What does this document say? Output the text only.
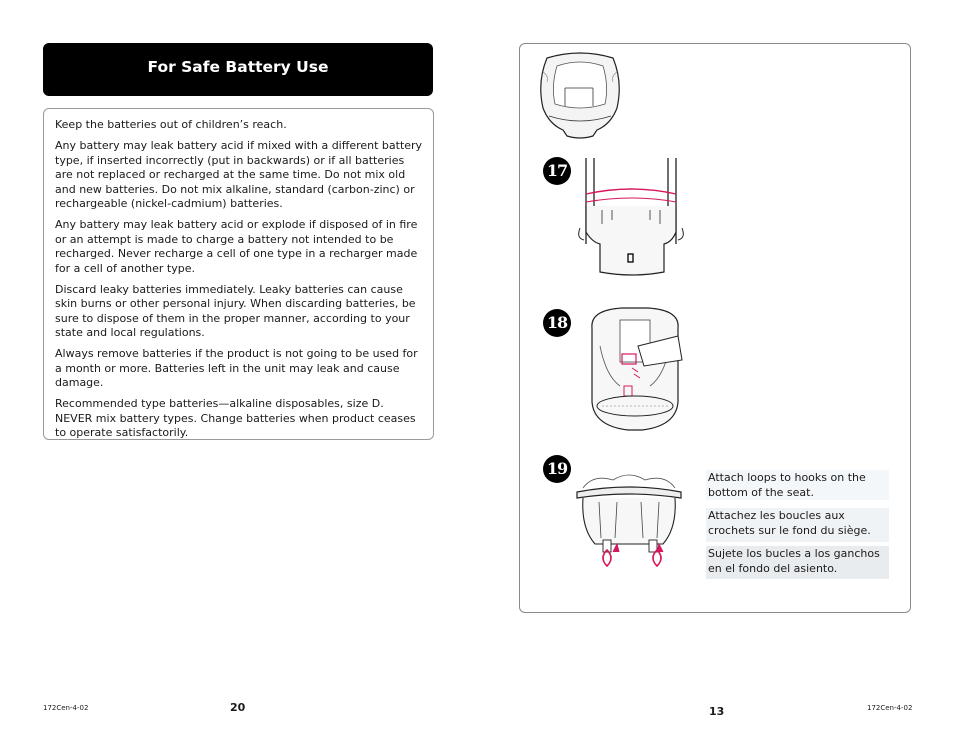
For Safe Battery Use

Keep the batteries out of children’s reach.

Any battery may leak battery acid if mixed with a different battery type, if inserted incorrectly (put in backwards) or if all batteries are not replaced or recharged at the same time. Do not mix old and new batteries. Do not mix alkaline, standard (carbon-zinc) or rechargeable (nickel-cadmium) batteries.

Any battery may leak battery acid or explode if disposed of in fire or an attempt is made to charge a battery not intended to be recharged. Never recharge a cell of one type in a recharger made for a cell of another type.

Discard leaky batteries immediately. Leaky batteries can cause skin burns or other personal injury. When discarding batteries, be sure to dispose of them in the proper manner, according to your state and local regulations.

Always remove batteries if the product is not going to be used for a month or more. Batteries left in the unit may leak and cause damage.

Recommended type batteries—alkaline disposables, size D.
NEVER mix battery types. Change batteries when product ceases to operate satisfactorily.

172Cen-4-02	20
17
18
19	Attach loops to hooks on the bottom of the seat.
Attachez les boucles aux crochets sur le fond du siège.
Sujete los bucles a los ganchos en el fondo del asiento.
13	172Cen-4-02
